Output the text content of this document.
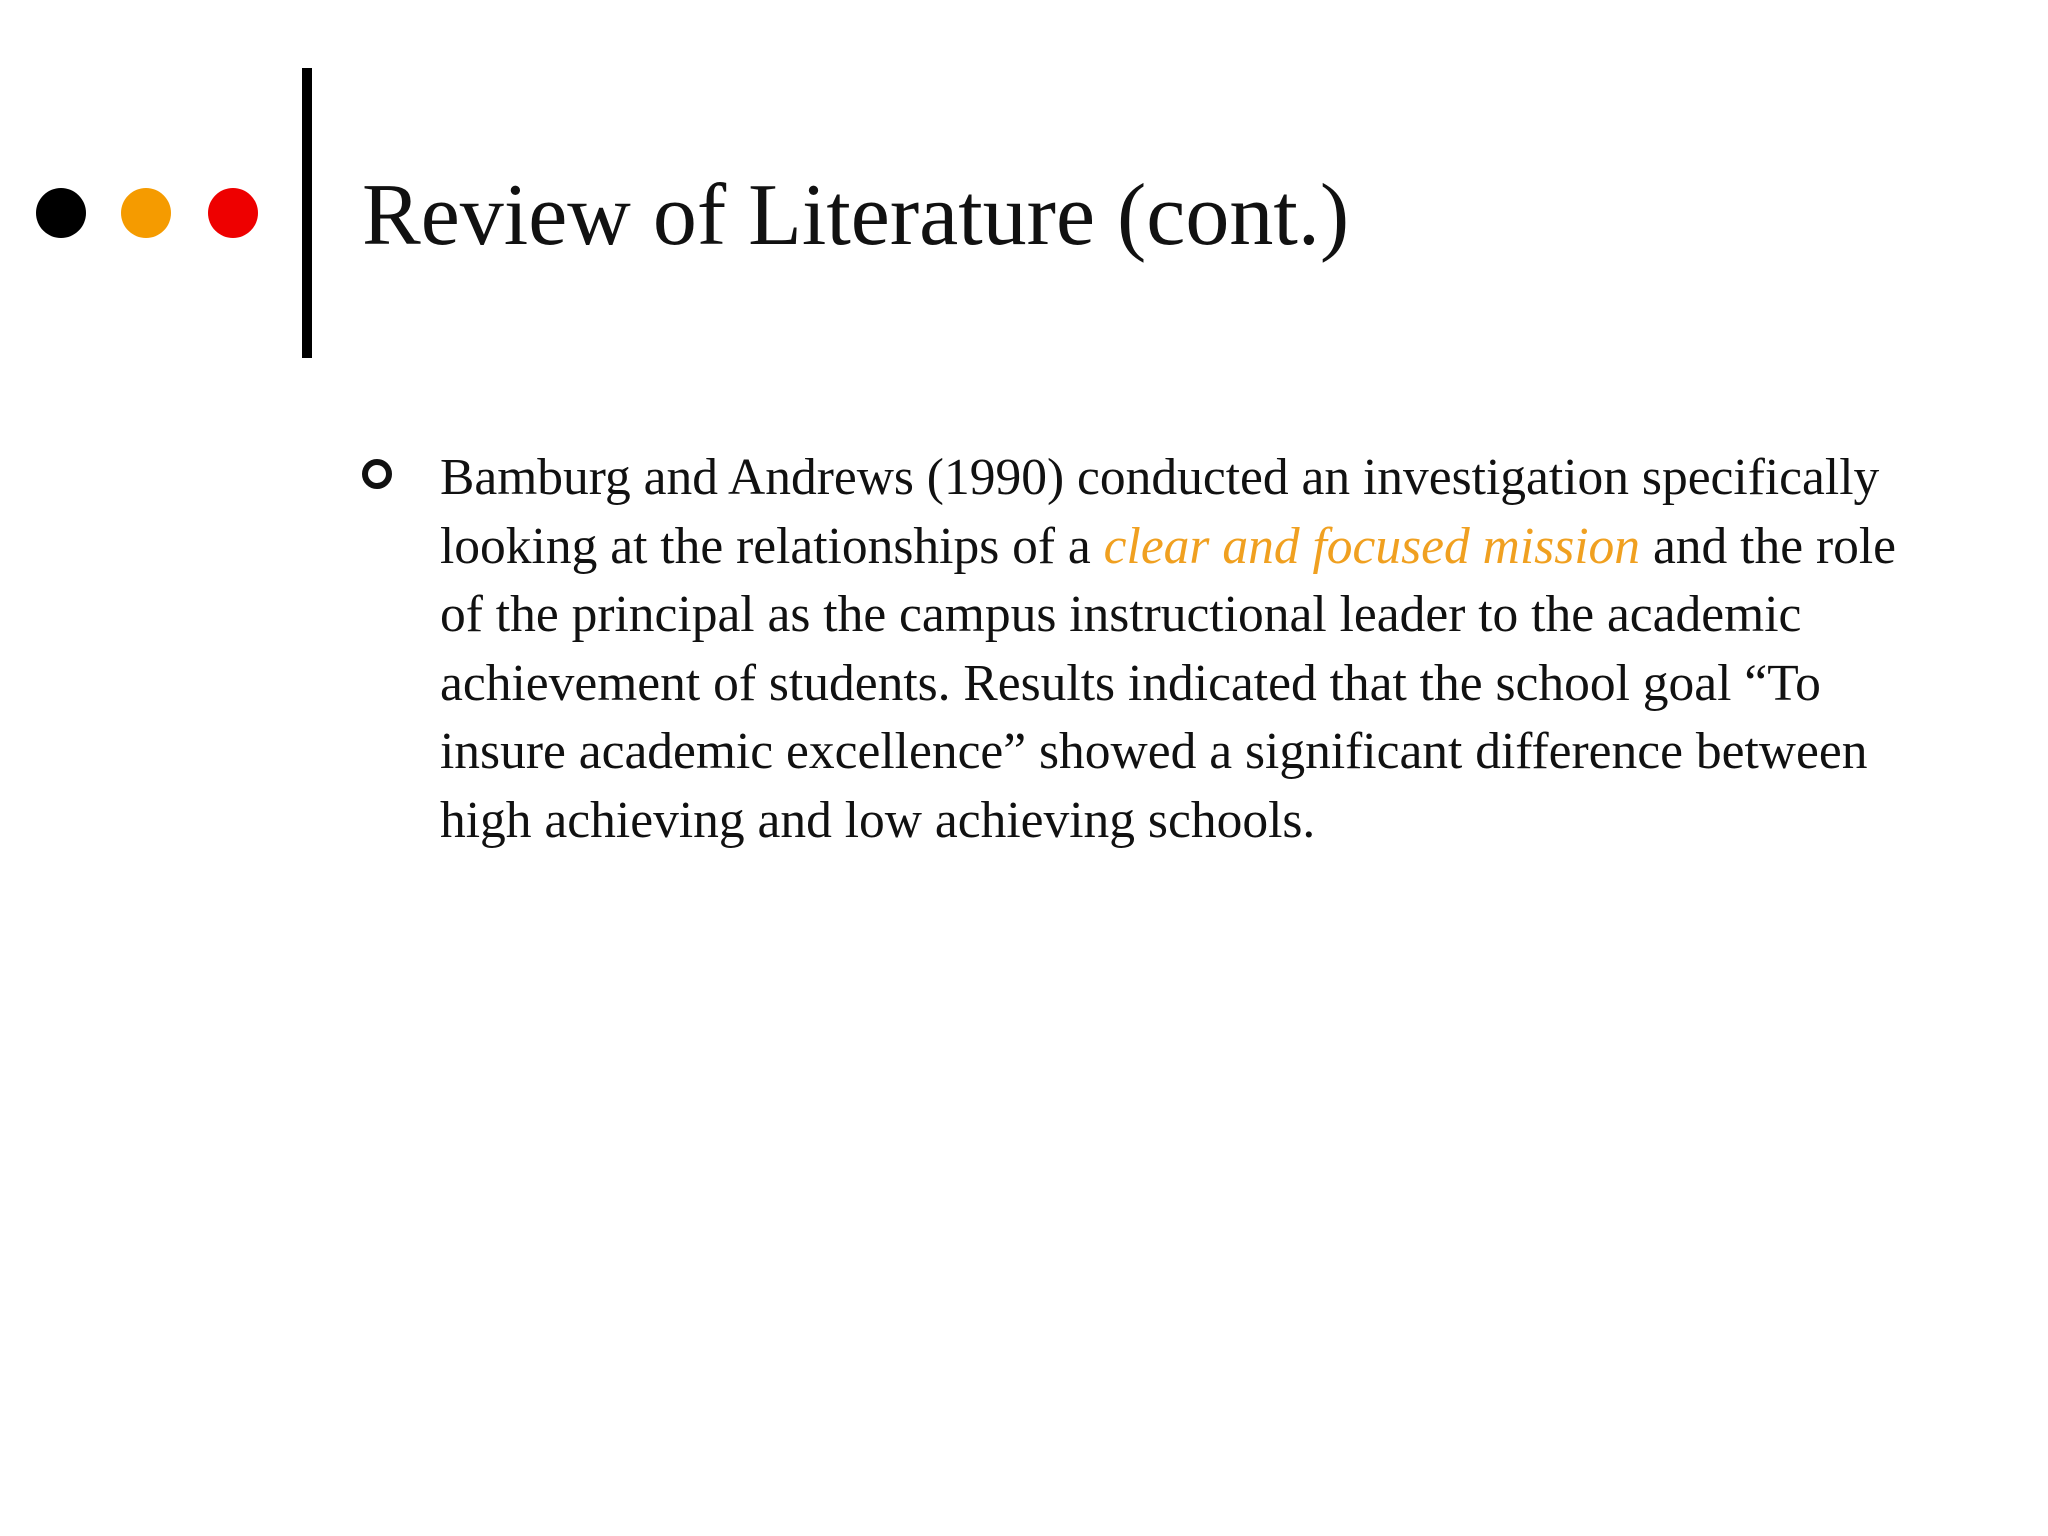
Review of Literature (cont.)

Bamburg and Andrews (1990) conducted an investigation specifically looking at the relationships of a clear and focused mission and the role of the principal as the campus instructional leader to the academic achievement of students. Results indicated that the school goal “To insure academic excellence” showed a significant difference between high achieving and low achieving schools.
